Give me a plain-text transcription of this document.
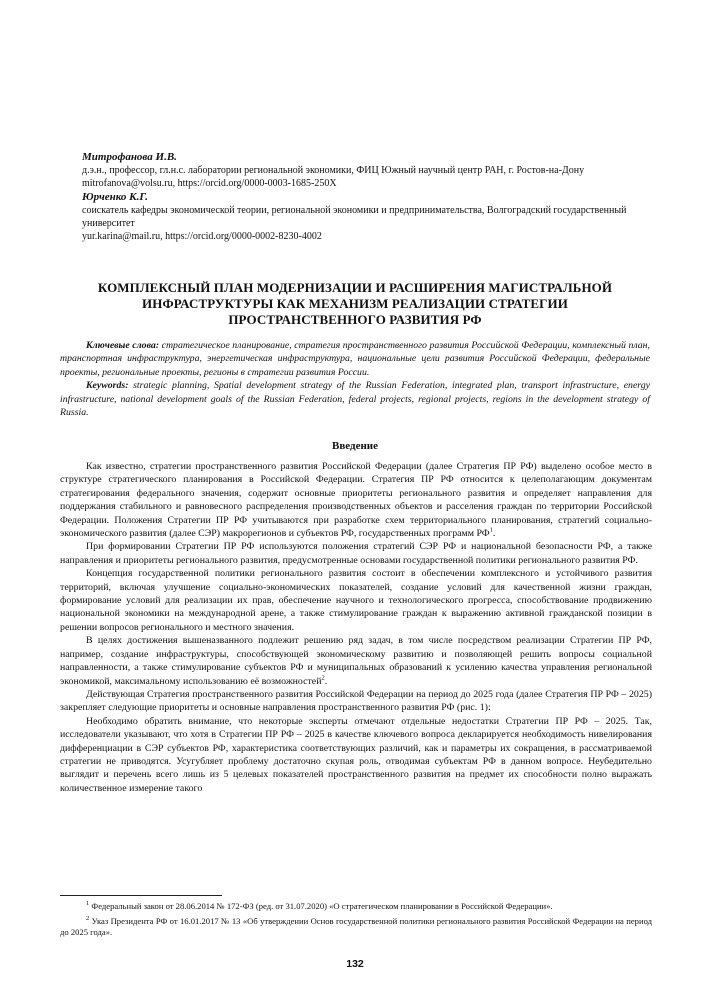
Митрофанова И.В.
д.э.н., профессор, гл.н.с. лаборатории региональной экономики, ФИЦ Южный научный центр РАН, г. Ростов-на-Дону
mitrofanova@volsu.ru, https://orcid.org/0000-0003-1685-250X
Юрченко К.Г.
соискатель кафедры экономической теории, региональной экономики и предпринимательства, Волгоградский государственный университет
yur.karina@mail.ru, https://orcid.org/0000-0002-8230-4002
КОМПЛЕКСНЫЙ ПЛАН МОДЕРНИЗАЦИИ И РАСШИРЕНИЯ МАГИСТРАЛЬНОЙ
ИНФРАСТРУКТУРЫ КАК МЕХАНИЗМ РЕАЛИЗАЦИИ СТРАТЕГИИ
ПРОСТРАНСТВЕННОГО РАЗВИТИЯ РФ

Ключевые слова: стратегическое планирование, стратегия пространственного развития Российской Федерации, комплексный план, транспортная инфраструктура, энергетическая инфраструктура, национальные цели развития Российской Федерации, федеральные проекты, региональные проекты, регионы в стратегии развития России.

Keywords: strategic planning, Spatial development strategy of the Russian Federation, integrated plan, transport infrastructure, energy infrastructure, national development goals of the Russian Federation, federal projects, regional projects, regions in the development strategy of Russia.

Введение

Как известно, стратегии пространственного развития Российской Федерации (далее Стратегия ПР РФ) выделено особое место в структуре стратегического планирования в Российской Федерации. Стратегия ПР РФ относится к целеполагающим документам стратегирования федерального значения, содержит основные приоритеты регионального развития и определяет направления для поддержания стабильного и равновесного распределения производственных объектов и расселения граждан по территории Российской Федерации. Положения Стратегии ПР РФ учитываются при разработке схем территориального планирования, стратегий социально-экономического развития (далее СЭР) макрорегионов и субъектов РФ, государственных программ $РФ^1$.

При формировании Стратегии ПР РФ используются положения стратегий СЭР РФ и национальной безопасности РФ, а также направления и приоритеты регионального развития, предусмотренные основами государственной политики регионального развития РФ.

Концепция государственной политики регионального развития состоит в обеспечении комплексного и устойчивого развития территорий, включая улучшение социально-экономических показателей, создание условий для качественной жизни граждан, формирование условий для реализации их прав, обеспечение научного и технологического прогресса, способствование продвижению национальной экономики на международной арене, а также стимулирование граждан к выражению активной гражданской позиции в решении вопросов регионального и местного значения.

В целях достижения вышеназванного подлежит решению ряд задач, в том числе посредством реализации Стратегии ПР РФ, например, создание инфраструктуры, способствующей экономическому развитию и позволяющей решить вопросы социальной направленности, а также стимулирование субъектов РФ и муниципальных образований к усилению качества управления региональной экономикой, максимальному использованию её возможностей$^2$.

Действующая Стратегия пространственного развития Российской Федерации на период до 2025 года (далее Стратегия ПР РФ – 2025) закрепляет следующие приоритеты и основные направления пространственного развития РФ (рис. 1):

Необходимо обратить внимание, что некоторые эксперты отмечают отдельные недостатки Стратегии ПР РФ – 2025. Так, исследователи указывают, что хотя в Стратегии ПР РФ – 2025 в качестве ключевого вопроса декларируется необходимость нивелирования дифференциации в СЭР субъектов РФ, характеристика соответствующих различий, как и параметры их сокращения, в рассматриваемой стратегии не приводятся. Усугубляет проблему достаточно скупая роль, отводимая субъектам РФ в данном вопросе. Неубедительно выглядит и перечень всего лишь из 5 целевых показателей пространственного развития на предмет их способности полно выражать количественное измерение такого

$^1$ Федеральный закон от 28.06.2014 № 172-ФЗ (ред. от 31.07.2020) «О стратегическом планировании в Российской Федерации».

$^2$ Указ Президента РФ от 16.01.2017 № 13 «Об утверждении Основ государственной политики регионального развития Российской Федерации на период до 2025 года».

132
